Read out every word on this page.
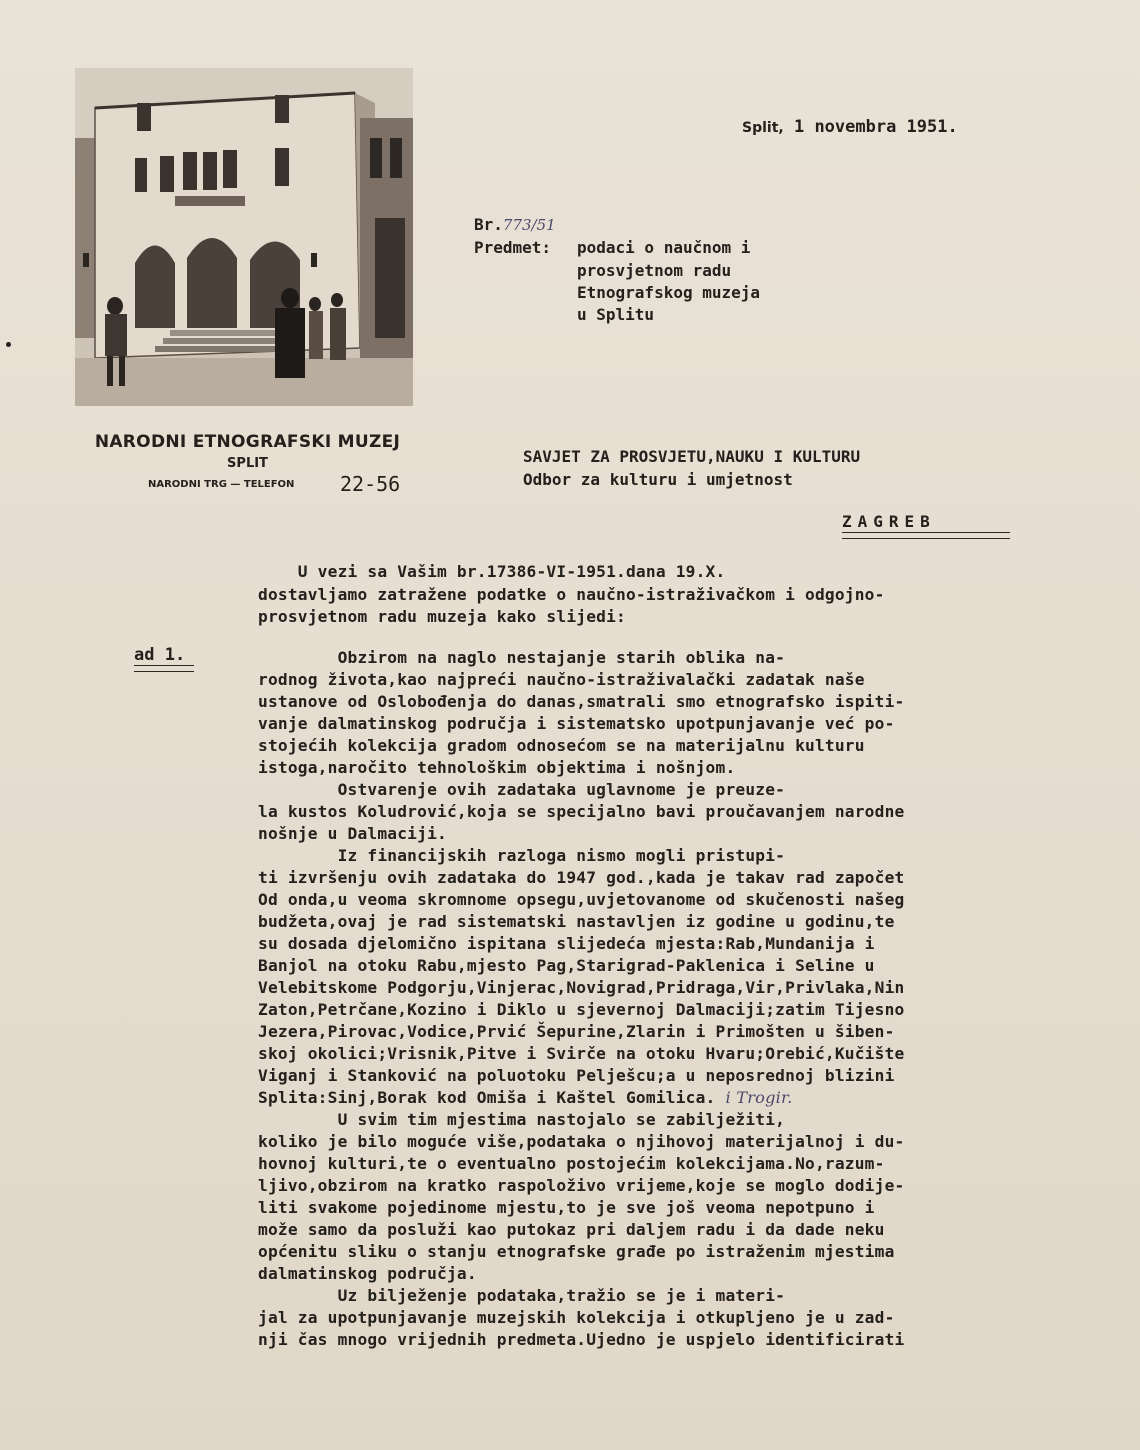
NARODNI ETNOGRAFSKI MUZEJ
SPLIT
NARODNI TRG — TELEFON 22-56
Split, 1 novembra 1951.
Br.773/51
Predmet: podaci o naučnom i
prosvjetnom radu
Etnografskog muzeja
u Splitu
SAVJET ZA PROSVJETU,NAUKU I KULTURU
Odbor za kulturu i umjetnost
ZAGREB
ad 1.
U vezi sa Vašim br.17386-VI-1951.dana 19.X.
dostavljamo zatražene podatke o naučno-istraživačkom i odgojno-
prosvjetnom radu muzeja kako slijedi:
Obzirom na naglo nestajanje starih oblika na-
rodnog života,kao najpreći naučno-istraživalački zadatak naše
ustanove od Oslobođenja do danas,smatrali smo etnografsko ispiti-
vanje dalmatinskog područja i sistematsko upotpunjavanje već po-
stojećih kolekcija gradom odnosećom se na materijalnu kulturu
istoga,naročito tehnološkim objektima i nošnjom.
Ostvarenje ovih zadataka uglavnome je preuze-
la kustos Koludrović,koja se specijalno bavi proučavanjem narodne
nošnje u Dalmaciji.
Iz financijskih razloga nismo mogli pristupi-
ti izvršenju ovih zadataka do 1947 god.,kada je takav rad započet
Od onda,u veoma skromnome opsegu,uvjetovanome od skučenosti našeg
budžeta,ovaj je rad sistematski nastavljen iz godine u godinu,te
su dosada djelomično ispitana slijedeća mjesta:Rab,Mundanija i
Banjol na otoku Rabu,mjesto Pag,Starigrad-Paklenica i Seline u
Velebitskome Podgorju,Vinjerac,Novigrad,Pridraga,Vir,Privlaka,Nin
Zaton,Petrčane,Kozino i Diklo u sjevernoj Dalmaciji;zatim Tijesno
Jezera,Pirovac,Vodice,Prvić Šepurine,Zlarin i Primošten u šiben-
skoj okolici;Vrisnik,Pitve i Svirče na otoku Hvaru;Orebić,Kučište
Viganj i Stanković na poluotoku Pelješcu;a u neposrednoj blizini
Splita:Sinj,Borak kod Omiša i Kaštel Gomilica. i Trogir.
U svim tim mjestima nastojalo se zabilježiti,
koliko je bilo moguće više,podataka o njihovoj materijalnoj i du-
hovnoj kulturi,te o eventualno postojećim kolekcijama.No,razum-
ljivo,obzirom na kratko raspoloživo vrijeme,koje se moglo dodije-
liti svakome pojedinome mjestu,to je sve još veoma nepotpuno i
može samo da posluži kao putokaz pri daljem radu i da dade neku
općenitu sliku o stanju etnografske građe po istraženim mjestima
dalmatinskog područja.
Uz bilježenje podataka,tražio se je i materi-
jal za upotpunjavanje muzejskih kolekcija i otkupljeno je u zad-
nji čas mnogo vrijednih predmeta.Ujedno je uspjelo identificirati
